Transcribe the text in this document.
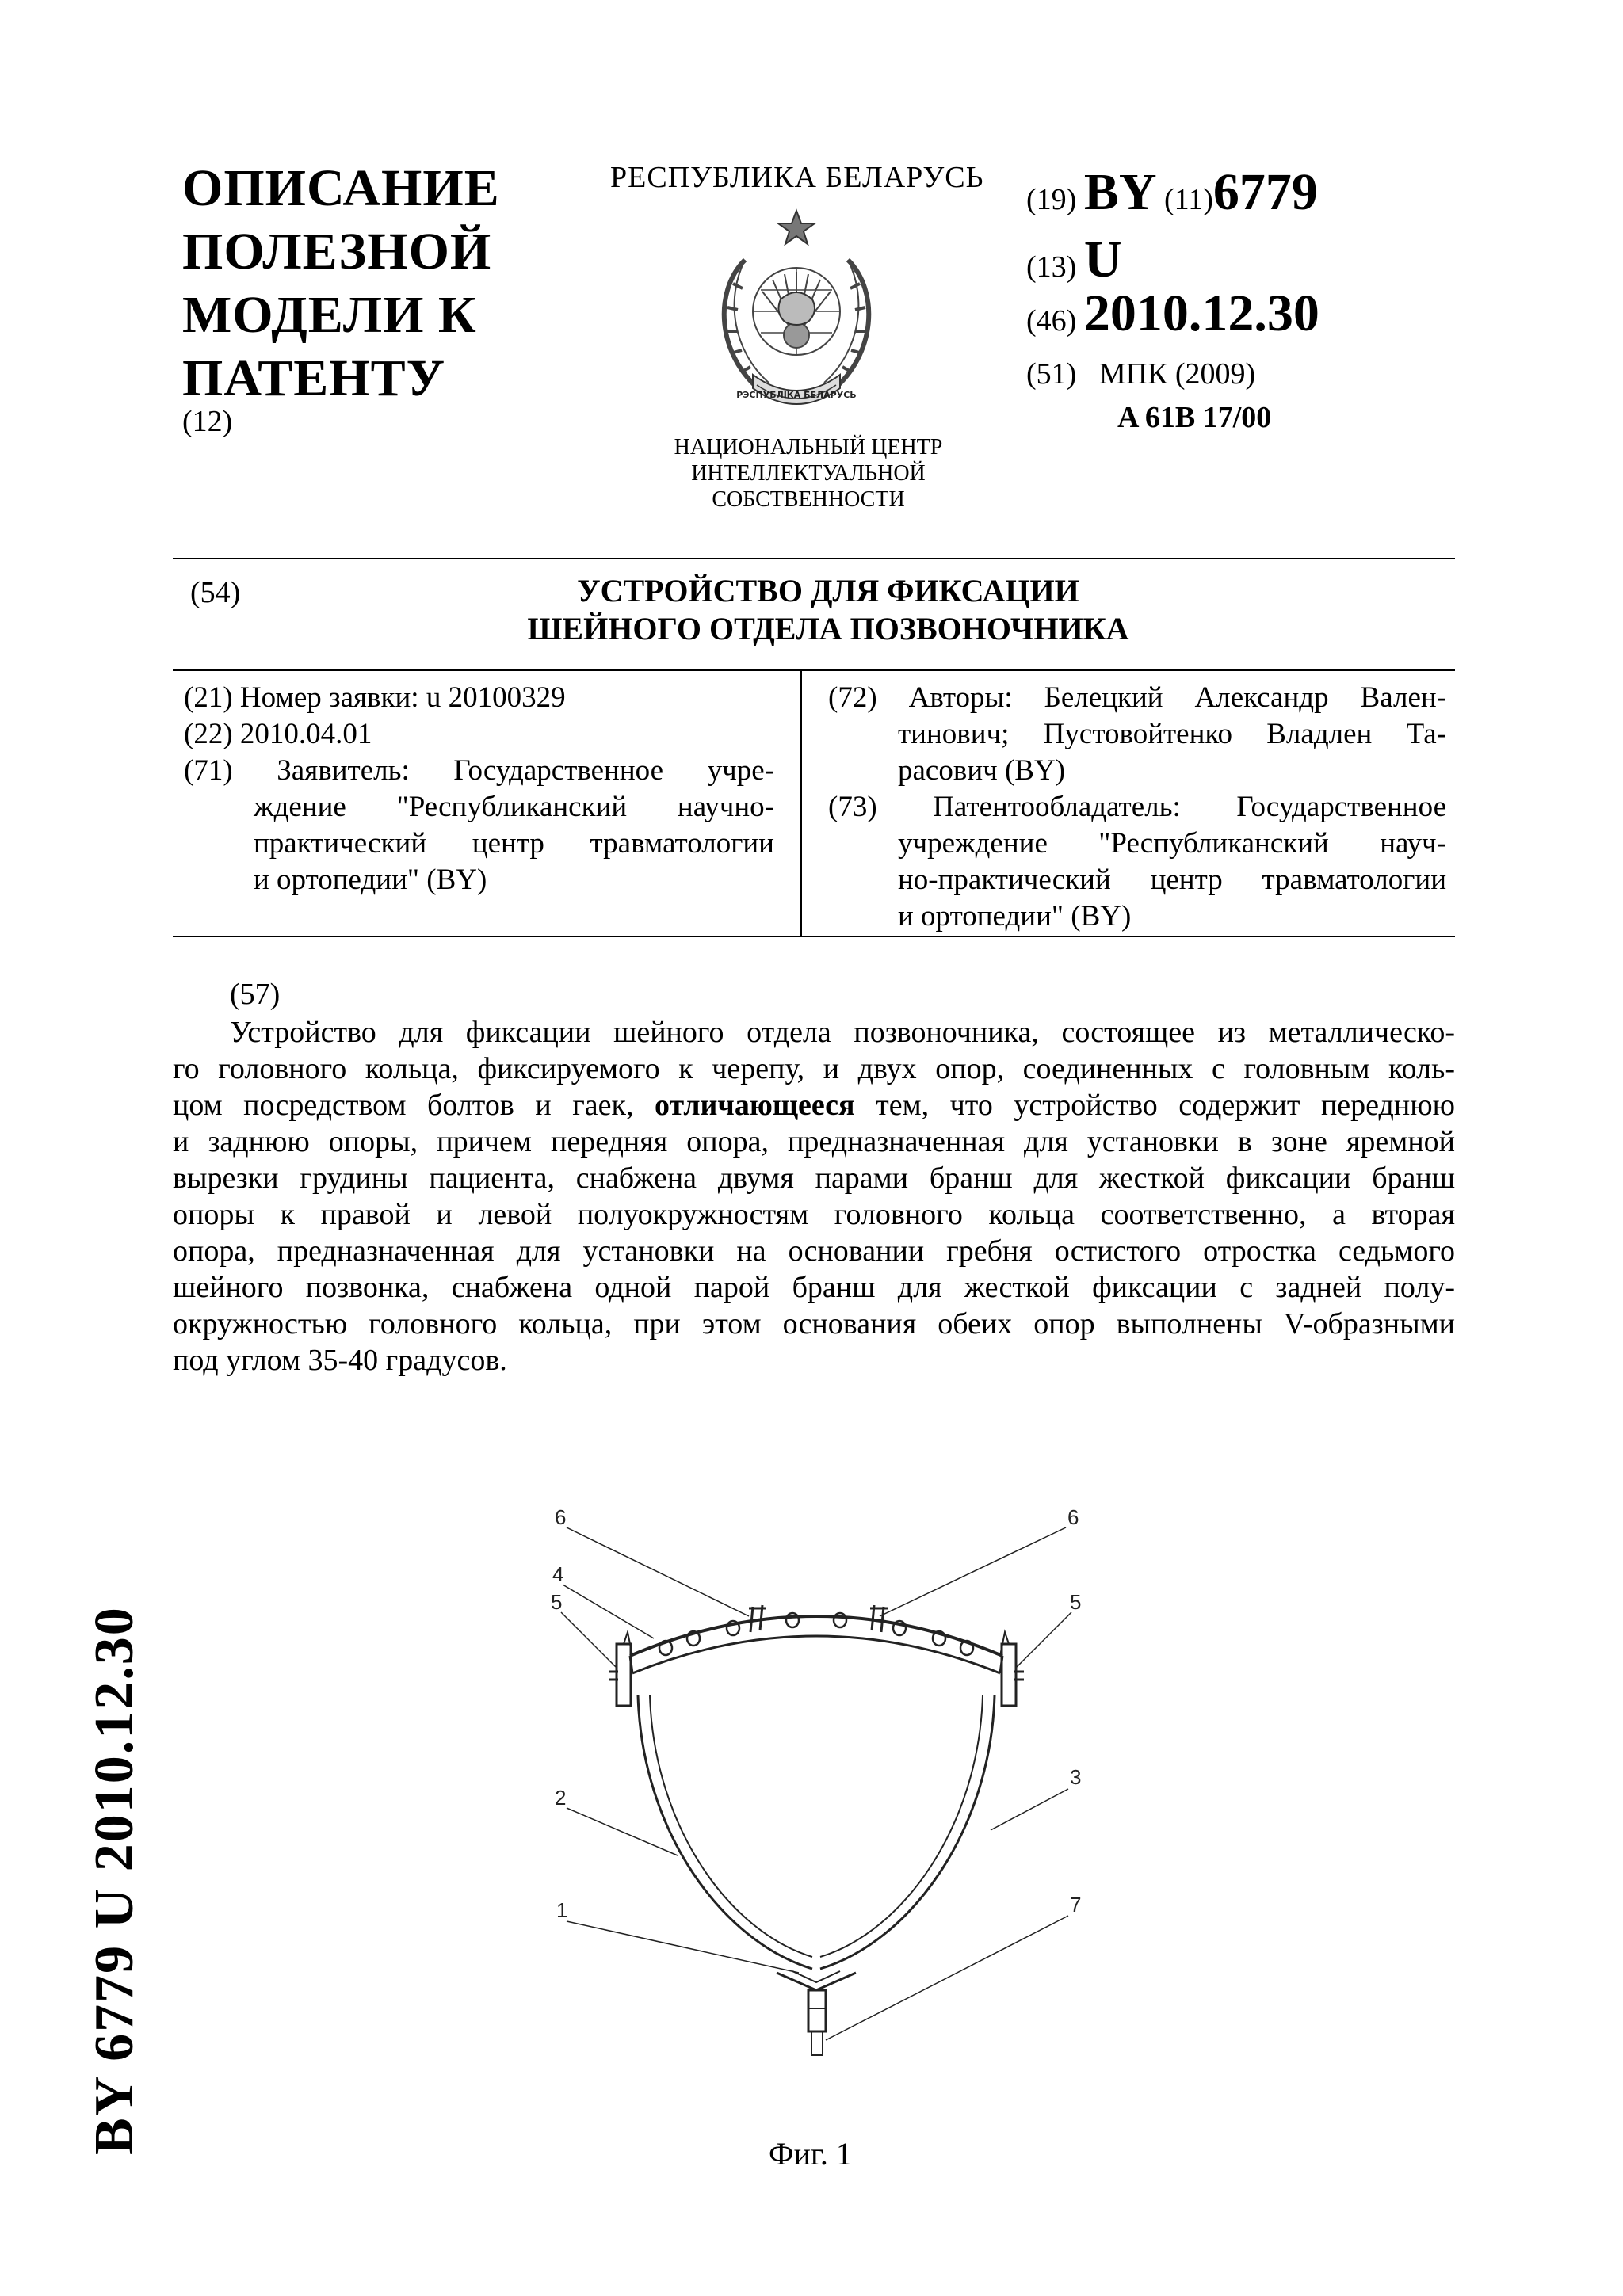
ОПИСАНИЕ
ПОЛЕЗНОЙ
МОДЕЛИ К
ПАТЕНТУ
(12)
РЕСПУБЛИКА БЕЛАРУСЬ
РЭСПУБЛІКА БЕЛАРУСЬ
НАЦИОНАЛЬНЫЙ ЦЕНТР
ИНТЕЛЛЕКТУАЛЬНОЙ
СОБСТВЕННОСТИ
(19) BY (11)6779
(13) U
(46) 2010.12.30
(51) МПК (2009)
A 61B 17/00
(54)	УСТРОЙСТВО ДЛЯ ФИКСАЦИИ
ШЕЙНОГО ОТДЕЛА ПОЗВОНОЧНИКА
(21) Номер заявки: u 20100329
(22) 2010.04.01
(71) Заявитель: Государственное учре-
ждение "Республиканский научно-
практический центр травматологии
и ортопедии" (BY)
(72) Авторы: Белецкий Александр Вален-
тинович; Пустовойтенко Владлен Та-
расович (BY)
(73) Патентообладатель: Государственное
учреждение "Республиканский науч-
но-практический центр травматологии
и ортопедии" (BY)
(57)
Устройство для фиксации шейного отдела позвоночника, состоящее из металлическо-
го головного кольца, фиксируемого к черепу, и двух опор, соединенных с головным коль-
цом посредством болтов и гаек, отличающееся тем, что устройство содержит переднюю
и заднюю опоры, причем передняя опора, предназначенная для установки в зоне яремной
вырезки грудины пациента, снабжена двумя парами бранш для жесткой фиксации бранш
опоры к правой и левой полуокружностям головного кольца соответственно, а вторая
опора, предназначенная для установки на основании гребня остистого отростка седьмого
шейного позвонка, снабжена одной парой бранш для жесткой фиксации с задней полу-
окружностью головного кольца, при этом основания обеих опор выполнены V-образными
под углом 35-40 градусов.
6	6
4
5	5
3
2
1	7
Фиг. 1
BY 6779 U 2010.12.30
